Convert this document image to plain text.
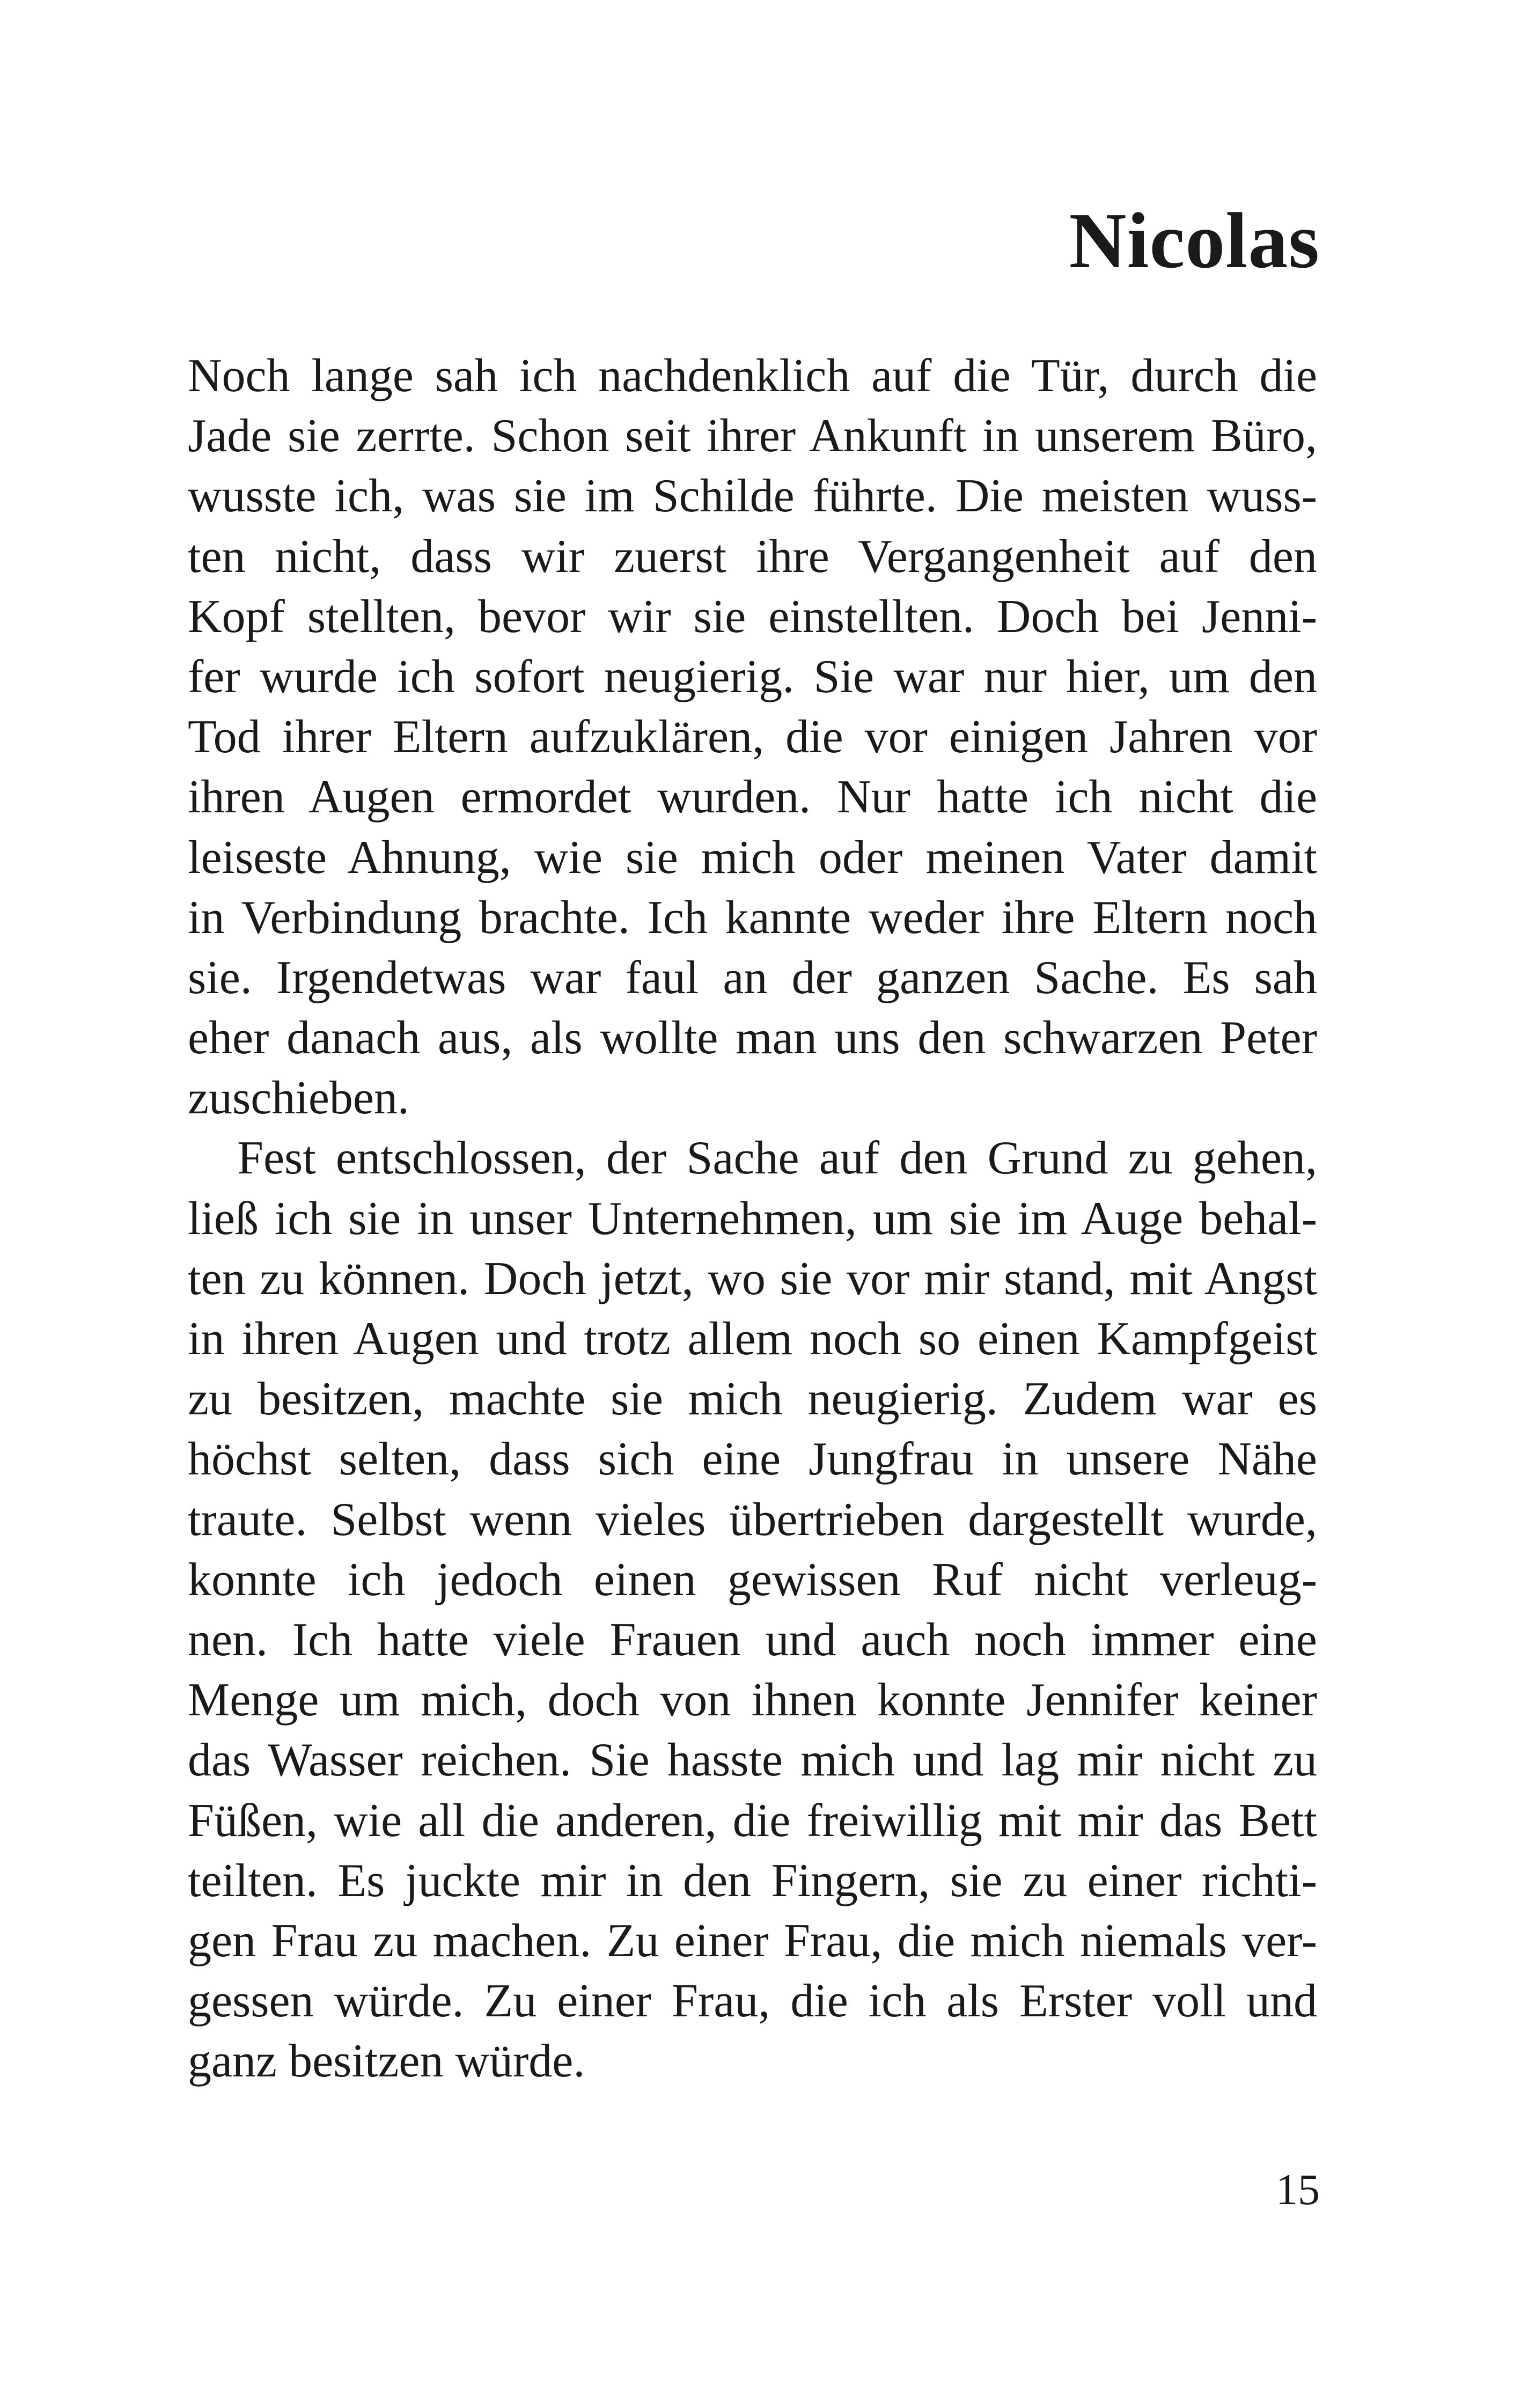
Nicolas
Noch lange sah ich nachdenklich auf die Tür, durch die
Jade sie zerrte. Schon seit ihrer Ankunft in unserem Büro,
wusste ich, was sie im Schilde führte. Die meisten wuss-
ten nicht, dass wir zuerst ihre Vergangenheit auf den
Kopf stellten, bevor wir sie einstellten. Doch bei Jenni-
fer wurde ich sofort neugierig. Sie war nur hier, um den
Tod ihrer Eltern aufzuklären, die vor einigen Jahren vor
ihren Augen ermordet wurden. Nur hatte ich nicht die
leiseste Ahnung, wie sie mich oder meinen Vater damit
in Verbindung brachte. Ich kannte weder ihre Eltern noch
sie. Irgendetwas war faul an der ganzen Sache. Es sah
eher danach aus, als wollte man uns den schwarzen Peter
zuschieben.
Fest entschlossen, der Sache auf den Grund zu gehen,
ließ ich sie in unser Unternehmen, um sie im Auge behal-
ten zu können. Doch jetzt, wo sie vor mir stand, mit Angst
in ihren Augen und trotz allem noch so einen Kampfgeist
zu besitzen, machte sie mich neugierig. Zudem war es
höchst selten, dass sich eine Jungfrau in unsere Nähe
traute. Selbst wenn vieles übertrieben dargestellt wurde,
konnte ich jedoch einen gewissen Ruf nicht verleug-
nen. Ich hatte viele Frauen und auch noch immer eine
Menge um mich, doch von ihnen konnte Jennifer keiner
das Wasser reichen. Sie hasste mich und lag mir nicht zu
Füßen, wie all die anderen, die freiwillig mit mir das Bett
teilten. Es juckte mir in den Fingern, sie zu einer richti-
gen Frau zu machen. Zu einer Frau, die mich niemals ver-
gessen würde. Zu einer Frau, die ich als Erster voll und
ganz besitzen würde.
15
